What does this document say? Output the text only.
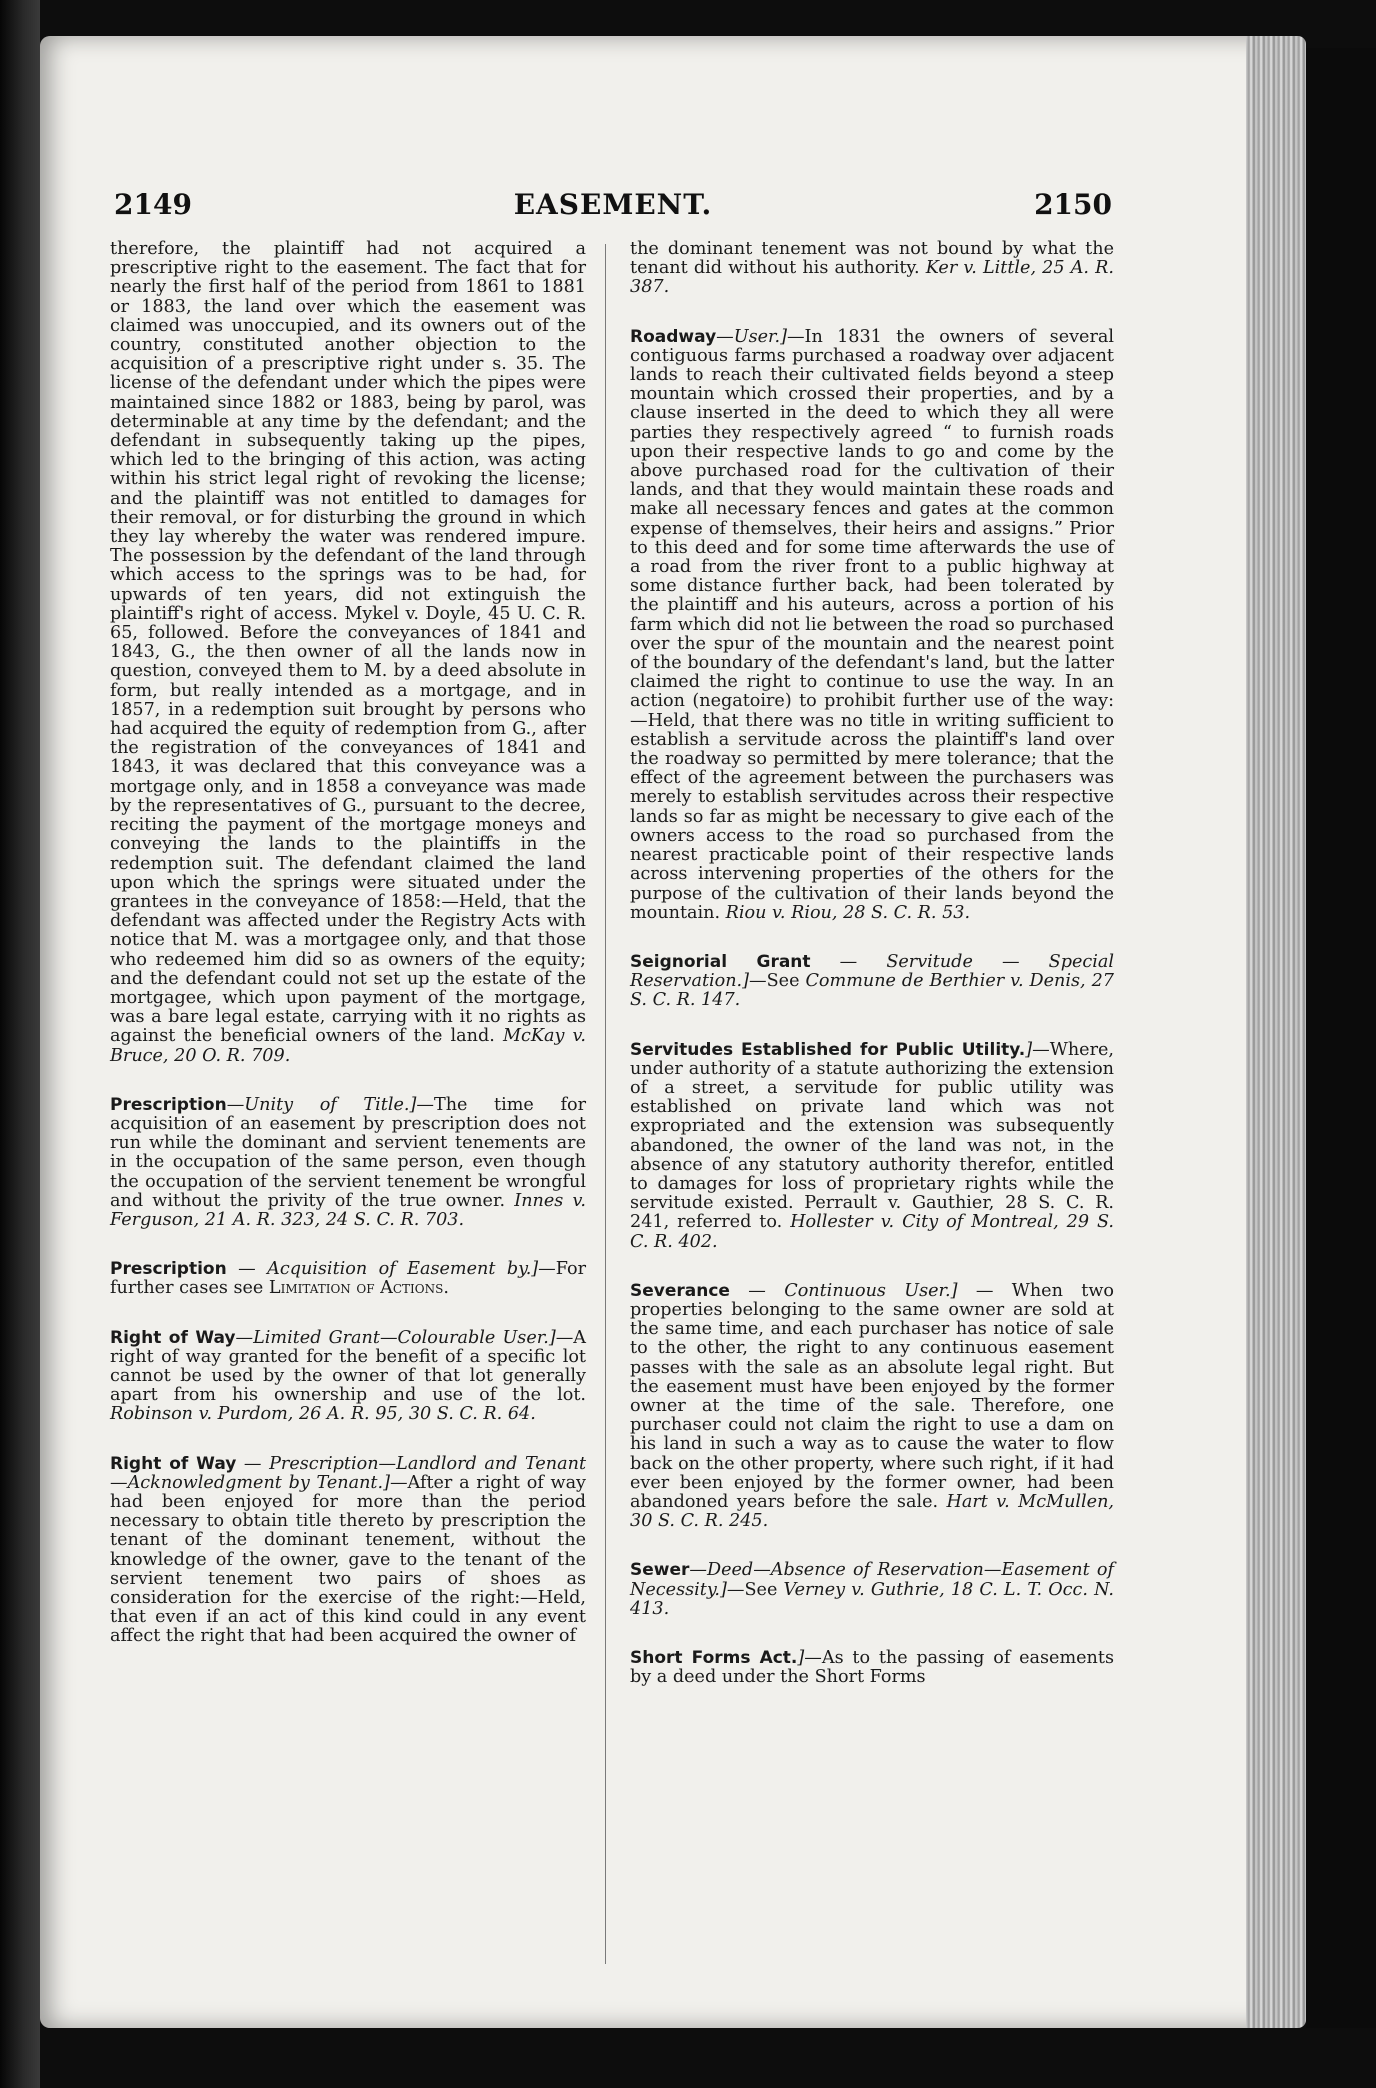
2149	EASEMENT.	2150

therefore, the plaintiff had not acquired a prescriptive right to the easement. The fact that for nearly the first half of the period from 1861 to 1881 or 1883, the land over which the easement was claimed was unoccupied, and its owners out of the country, constituted another objection to the acquisition of a prescriptive right under s. 35. The license of the defendant under which the pipes were maintained since 1882 or 1883, being by parol, was determinable at any time by the defendant; and the defendant in subsequently taking up the pipes, which led to the bringing of this action, was acting within his strict legal right of revoking the license; and the plaintiff was not entitled to damages for their removal, or for disturbing the ground in which they lay whereby the water was rendered impure. The possession by the defendant of the land through which access to the springs was to be had, for upwards of ten years, did not extinguish the plaintiff's right of access. Mykel v. Doyle, 45 U. C. R. 65, followed. Before the conveyances of 1841 and 1843, G., the then owner of all the lands now in question, conveyed them to M. by a deed absolute in form, but really intended as a mortgage, and in 1857, in a redemption suit brought by persons who had acquired the equity of redemption from G., after the registration of the conveyances of 1841 and 1843, it was declared that this conveyance was a mortgage only, and in 1858 a conveyance was made by the representatives of G., pursuant to the decree, reciting the payment of the mortgage moneys and conveying the lands to the plaintiffs in the redemption suit. The defendant claimed the land upon which the springs were situated under the grantees in the conveyance of 1858:—Held, that the defendant was affected under the Registry Acts with notice that M. was a mortgagee only, and that those who redeemed him did so as owners of the equity; and the defendant could not set up the estate of the mortgagee, which upon payment of the mortgage, was a bare legal estate, carrying with it no rights as against the beneficial owners of the land. McKay v. Bruce, 20 O. R. 709.

Prescription—Unity of Title.]—The time for acquisition of an easement by prescription does not run while the dominant and servient tenements are in the occupation of the same person, even though the occupation of the servient tenement be wrongful and without the privity of the true owner. Innes v. Ferguson, 21 A. R. 323, 24 S. C. R. 703.

Prescription — Acquisition of Easement by.]—For further cases see Limitation of Actions.

Right of Way—Limited Grant—Colourable User.]—A right of way granted for the benefit of a specific lot cannot be used by the owner of that lot generally apart from his ownership and use of the lot. Robinson v. Purdom, 26 A. R. 95, 30 S. C. R. 64.

Right of Way — Prescription—Landlord and Tenant—Acknowledgment by Tenant.]—After a right of way had been enjoyed for more than the period necessary to obtain title thereto by prescription the tenant of the dominant tenement, without the knowledge of the owner, gave to the tenant of the servient tenement two pairs of shoes as consideration for the exercise of the right:—Held, that even if an act of this kind could in any event affect the right that had been acquired the owner of

the dominant tenement was not bound by what the tenant did without his authority. Ker v. Little, 25 A. R. 387.

Roadway—User.]—In 1831 the owners of several contiguous farms purchased a roadway over adjacent lands to reach their cultivated fields beyond a steep mountain which crossed their properties, and by a clause inserted in the deed to which they all were parties they respectively agreed “ to furnish roads upon their respective lands to go and come by the above purchased road for the cultivation of their lands, and that they would maintain these roads and make all necessary fences and gates at the common expense of themselves, their heirs and assigns.” Prior to this deed and for some time afterwards the use of a road from the river front to a public highway at some distance further back, had been tolerated by the plaintiff and his auteurs, across a portion of his farm which did not lie between the road so purchased over the spur of the mountain and the nearest point of the boundary of the defendant's land, but the latter claimed the right to continue to use the way. In an action (negatoire) to prohibit further use of the way:—Held, that there was no title in writing sufficient to establish a servitude across the plaintiff's land over the roadway so permitted by mere tolerance; that the effect of the agreement between the purchasers was merely to establish servitudes across their respective lands so far as might be necessary to give each of the owners access to the road so purchased from the nearest practicable point of their respective lands across intervening properties of the others for the purpose of the cultivation of their lands beyond the mountain. Riou v. Riou, 28 S. C. R. 53.

Seignorial Grant — Servitude — Special Reservation.]—See Commune de Berthier v. Denis, 27 S. C. R. 147.

Servitudes Established for Public Utility.]—Where, under authority of a statute authorizing the extension of a street, a servitude for public utility was established on private land which was not expropriated and the extension was subsequently abandoned, the owner of the land was not, in the absence of any statutory authority therefor, entitled to damages for loss of proprietary rights while the servitude existed. Perrault v. Gauthier, 28 S. C. R. 241, referred to. Hollester v. City of Montreal, 29 S. C. R. 402.

Severance — Continuous User.] — When two properties belonging to the same owner are sold at the same time, and each purchaser has notice of sale to the other, the right to any continuous easement passes with the sale as an absolute legal right. But the easement must have been enjoyed by the former owner at the time of the sale. Therefore, one purchaser could not claim the right to use a dam on his land in such a way as to cause the water to flow back on the other property, where such right, if it had ever been enjoyed by the former owner, had been abandoned years before the sale. Hart v. McMullen, 30 S. C. R. 245.

Sewer—Deed—Absence of Reservation—Easement of Necessity.]—See Verney v. Guthrie, 18 C. L. T. Occ. N. 413.

Short Forms Act.]—As to the passing of easements by a deed under the Short Forms
